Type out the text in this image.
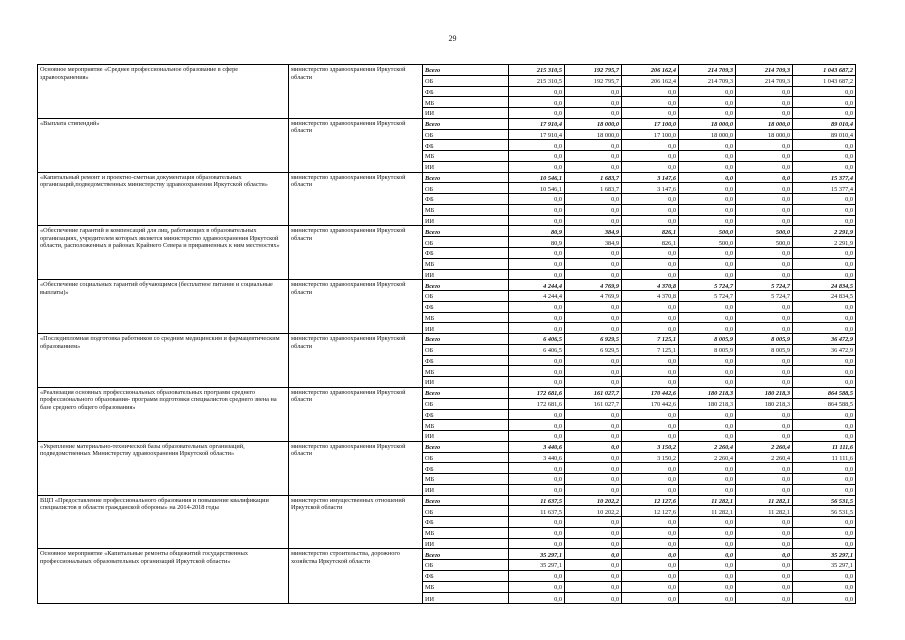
29
Основное мероприятие «Среднее профессиональное образование в сфере здравоохранения»	министерство здравоохранения Иркутской области	Всего	215 310,5	192 795,7	206 162,4	214 709,3	214 709,3	1 043 687,2
		ОБ	215 310,5	192 795,7	206 162,4	214 709,3	214 709,3	1 043 687,2
		ФБ	0,0	0,0	0,0	0,0	0,0	0,0
		МБ	0,0	0,0	0,0	0,0	0,0	0,0
		ИИ	0,0	0,0	0,0	0,0	0,0	0,0
«Выплата стипендий»	министерство здравоохранения Иркутской области	Всего	17 910,4	18 000,0	17 100,0	18 000,0	18 000,0	89 010,4
		ОБ	17 910,4	18 000,0	17 100,0	18 000,0	18 000,0	89 010,4
		ФБ	0,0	0,0	0,0	0,0	0,0	0,0
		МБ	0,0	0,0	0,0	0,0	0,0	0,0
		ИИ	0,0	0,0	0,0	0,0	0,0	0,0
«Капитальный ремонт и проектно-сметная документация образовательных организаций,подведомственных министерству здравоохранения Иркутской области»	министерство здравоохранения Иркутской области	Всего	10 546,1	1 683,7	3 147,6	0,0	0,0	15 377,4
		ОБ	10 546,1	1 683,7	3 147,6	0,0	0,0	15 377,4
		ФБ	0,0	0,0	0,0	0,0	0,0	0,0
		МБ	0,0	0,0	0,0	0,0	0,0	0,0
		ИИ	0,0	0,0	0,0	0,0	0,0	0,0
«Обеспечение гарантий и компенсаций для лиц, работающих в образовательных организациях, учредителем которых является министерство здравоохранения Иркутской области, расположенных в районах Крайнего Севера и приравненных к ним местностях»	министерство здравоохранения Иркутской области	Всего	80,9	384,9	826,1	500,0	500,0	2 291,9
		ОБ	80,9	384,9	826,1	500,0	500,0	2 291,9
		ФБ	0,0	0,0	0,0	0,0	0,0	0,0
		МБ	0,0	0,0	0,0	0,0	0,0	0,0
		ИИ	0,0	0,0	0,0	0,0	0,0	0,0
«Обеспечение социальных гарантий обучающимся (бесплатное питание и социальные выплаты)»	министерство здравоохранения Иркутской области	Всего	4 244,4	4 769,9	4 370,8	5 724,7	5 724,7	24 834,5
		ОБ	4 244,4	4 769,9	4 370,8	5 724,7	5 724,7	24 834,5
		ФБ	0,0	0,0	0,0	0,0	0,0	0,0
		МБ	0,0	0,0	0,0	0,0	0,0	0,0
		ИИ	0,0	0,0	0,0	0,0	0,0	0,0
«Последипломная подготовка работников со средним медицинским и фармацевтическим образованием»	министерство здравоохранения Иркутской области	Всего	6 406,5	6 929,5	7 125,1	8 005,9	8 005,9	36 472,9
		ОБ	6 406,5	6 929,5	7 125,1	8 005,9	8 005,9	36 472,9
		ФБ	0,0	0,0	0,0	0,0	0,0	0,0
		МБ	0,0	0,0	0,0	0,0	0,0	0,0
		ИИ	0,0	0,0	0,0	0,0	0,0	0,0
«Реализация основных профессиональных образовательных программ среднего профессионального образования- программ подготовки специалистов среднего звена на базе среднего общего образования»	министерство здравоохранения Иркутской области	Всего	172 681,6	161 027,7	170 442,6	180 218,3	180 218,3	864 588,5
		ОБ	172 681,6	161 027,7	170 442,6	180 218,3	180 218,3	864 588,5
		ФБ	0,0	0,0	0,0	0,0	0,0	0,0
		МБ	0,0	0,0	0,0	0,0	0,0	0,0
		ИИ	0,0	0,0	0,0	0,0	0,0	0,0
«Укрепление материально-технической базы образовательных организаций, подведомственных Министерству здравоохранения Иркутской области»	министерство здравоохранения Иркутской области	Всего	3 440,6	0,0	3 150,2	2 260,4	2 260,4	11 111,6
		ОБ	3 440,6	0,0	3 150,2	2 260,4	2 260,4	11 111,6
		ФБ	0,0	0,0	0,0	0,0	0,0	0,0
		МБ	0,0	0,0	0,0	0,0	0,0	0,0
		ИИ	0,0	0,0	0,0	0,0	0,0	0,0
ВЦП «Предоставление профессионального образования и повышение квалификации специалистов в области гражданской обороны» на 2014-2018 годы	министерство имущественных отношений Иркутской области	Всего	11 637,5	10 202,2	12 127,6	11 282,1	11 282,1	56 531,5
		ОБ	11 637,5	10 202,2	12 127,6	11 282,1	11 282,1	56 531,5
		ФБ	0,0	0,0	0,0	0,0	0,0	0,0
		МБ	0,0	0,0	0,0	0,0	0,0	0,0
		ИИ	0,0	0,0	0,0	0,0	0,0	0,0
Основное мероприятие «Капитальные ремонты общежитий государственных профессиональных образовательных организаций Иркутской области»	министерство строительства, дорожного хозяйства Иркутской области	Всего	35 297,1	0,0	0,0	0,0	0,0	35 297,1
		ОБ	35 297,1	0,0	0,0	0,0	0,0	35 297,1
		ФБ	0,0	0,0	0,0	0,0	0,0	0,0
		МБ	0,0	0,0	0,0	0,0	0,0	0,0
		ИИ	0,0	0,0	0,0	0,0	0,0	0,0
